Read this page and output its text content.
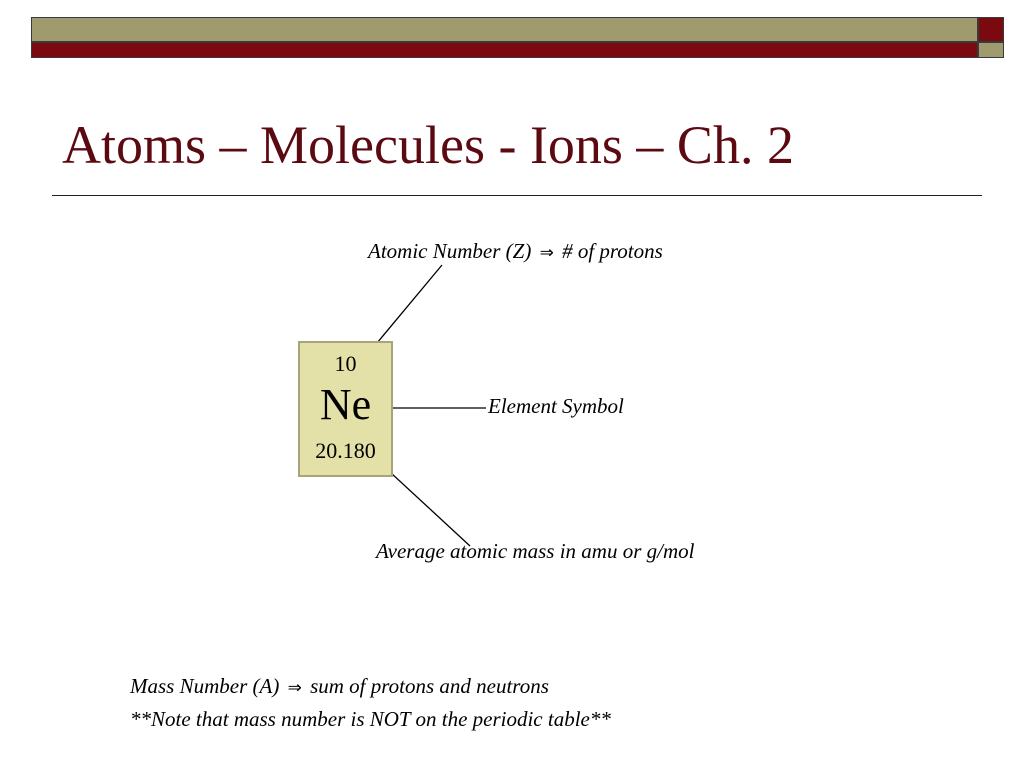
Atoms – Molecules - Ions – Ch. 2
10
Ne
20.180
Atomic Number (Z) ⇒ # of protons
Element Symbol
Average atomic mass in amu or g/mol
Mass Number (A) ⇒ sum of protons and neutrons
**Note that mass number is NOT on the periodic table**
